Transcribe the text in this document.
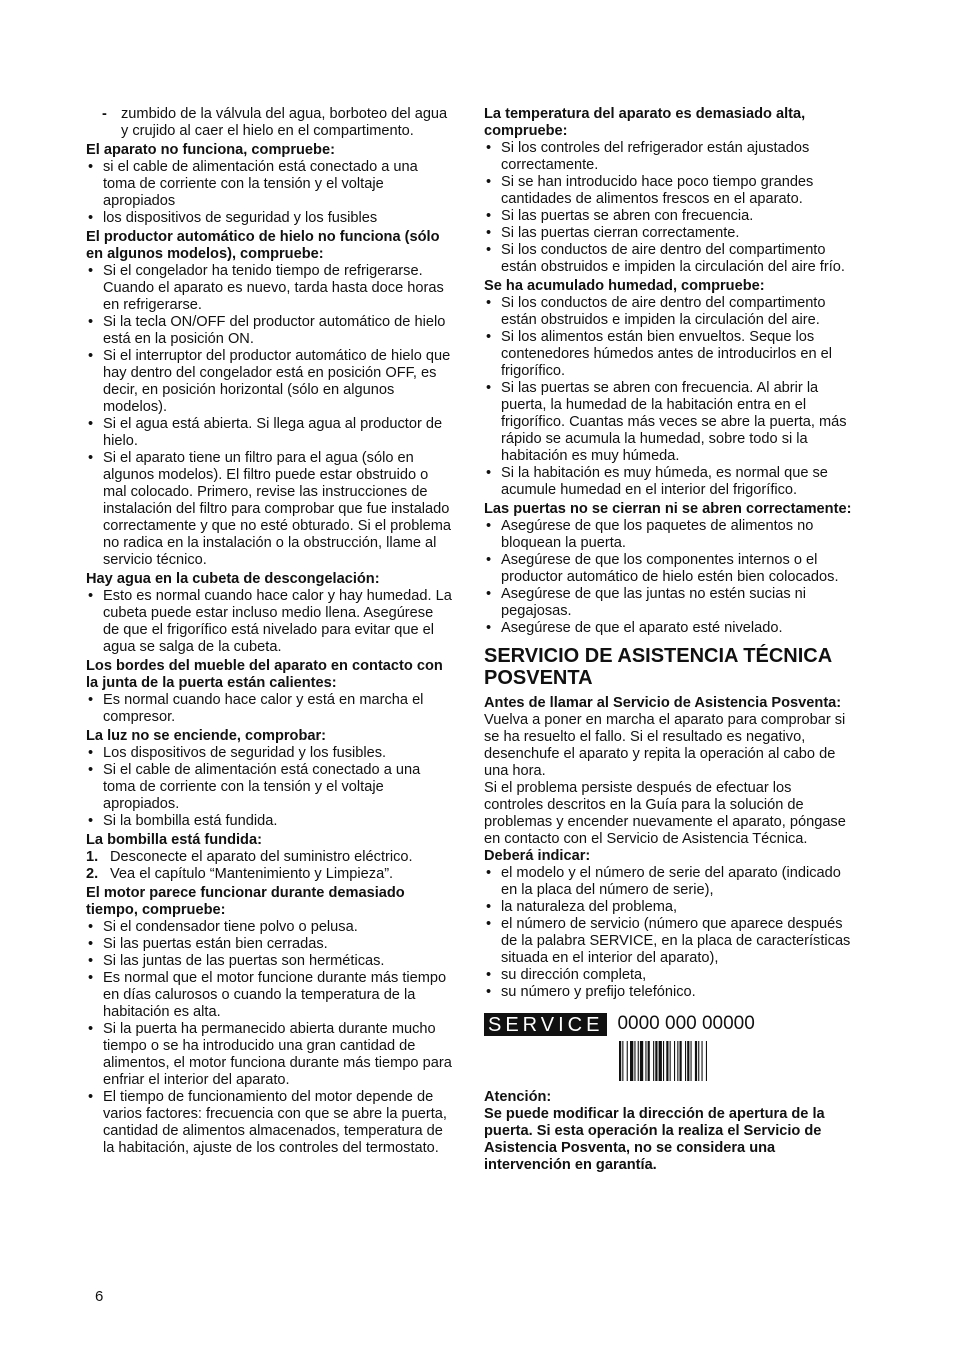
- zumbido de la válvula del agua, borboteo del agua y crujido al caer el hielo en el compartimento.

El aparato no funciona, compruebe:

• si el cable de alimentación está conectado a una toma de corriente con la tensión y el voltaje apropiados
• los dispositivos de seguridad y los fusibles

El productor automático de hielo no funciona (sólo en algunos modelos), compruebe:

• Si el congelador ha tenido tiempo de refrigerarse. Cuando el aparato es nuevo, tarda hasta doce horas en refrigerarse.
• Si la tecla ON/OFF del productor automático de hielo está en la posición ON.
• Si el interruptor del productor automático de hielo que hay dentro del congelador está en posición OFF, es decir, en posición horizontal (sólo en algunos modelos).
• Si el agua está abierta. Si llega agua al productor de hielo.
• Si el aparato tiene un filtro para el agua (sólo en algunos modelos). El filtro puede estar obstruido o mal colocado. Primero, revise las instrucciones de instalación del filtro para comprobar que fue instalado correctamente y que no esté obturado. Si el problema no radica en la instalación o la obstrucción, llame al servicio técnico.

Hay agua en la cubeta de descongelación:

• Esto es normal cuando hace calor y hay humedad. La cubeta puede estar incluso medio llena. Asegúrese de que el frigorífico está nivelado para evitar que el agua se salga de la cubeta.

Los bordes del mueble del aparato en contacto con la junta de la puerta están calientes:

• Es normal cuando hace calor y está en marcha el compresor.

La luz no se enciende, comprobar:

• Los dispositivos de seguridad y los fusibles.
• Si el cable de alimentación está conectado a una toma de corriente con la tensión y el voltaje apropiados.
• Si la bombilla está fundida.

La bombilla está fundida:

1. Desconecte el aparato del suministro eléctrico.
2. Vea el capítulo “Mantenimiento y Limpieza”.

El motor parece funcionar durante demasiado tiempo, compruebe:

• Si el condensador tiene polvo o pelusa.
• Si las puertas están bien cerradas.
• Si las juntas de las puertas son herméticas.
• Es normal que el motor funcione durante más tiempo en días calurosos o cuando la temperatura de la habitación es alta.
• Si la puerta ha permanecido abierta durante mucho tiempo o se ha introducido una gran cantidad de alimentos, el motor funciona durante más tiempo para enfriar el interior del aparato.
• El tiempo de funcionamiento del motor depende de varios factores: frecuencia con que se abre la puerta, cantidad de alimentos almacenados, temperatura de la habitación, ajuste de los controles del termostato.

La temperatura del aparato es demasiado alta, compruebe:

• Si los controles del refrigerador están ajustados correctamente.
• Si se han introducido hace poco tiempo grandes cantidades de alimentos frescos en el aparato.
• Si las puertas se abren con frecuencia.
• Si las puertas cierran correctamente.
• Si los conductos de aire dentro del compartimento están obstruidos e impiden la circulación del aire frío.

Se ha acumulado humedad, compruebe:

• Si los conductos de aire dentro del compartimento están obstruidos e impiden la circulación del aire.
• Si los alimentos están bien envueltos. Seque los contenedores húmedos antes de introducirlos en el frigorífico.
• Si las puertas se abren con frecuencia. Al abrir la puerta, la humedad de la habitación entra en el frigorífico. Cuantas más veces se abre la puerta, más rápido se acumula la humedad, sobre todo si la habitación es muy húmeda.
• Si la habitación es muy húmeda, es normal que se acumule humedad en el interior del frigorífico.

Las puertas no se cierran ni se abren correctamente:

• Asegúrese de que los paquetes de alimentos no bloquean la puerta.
• Asegúrese de que los componentes internos o el productor automático de hielo estén bien colocados.
• Asegúrese de que las juntas no estén sucias ni pegajosas.
• Asegúrese de que el aparato esté nivelado.
SERVICIO DE ASISTENCIA TÉCNICA POSVENTA

Antes de llamar al Servicio de Asistencia Posventa:

Vuelva a poner en marcha el aparato para comprobar si se ha resuelto el fallo. Si el resultado es negativo, desenchufe el aparato y repita la operación al cabo de una hora.

Si el problema persiste después de efectuar los controles descritos en la Guía para la solución de problemas y encender nuevamente el aparato, póngase en contacto con el Servicio de Asistencia Técnica.

Deberá indicar:

• el modelo y el número de serie del aparato (indicado en la placa del número de serie),
• la naturaleza del problema,
• el número de servicio (número que aparece después de la palabra SERVICE, en la placa de características situada en el interior del aparato),
• su dirección completa,
• su número y prefijo telefónico.
SERVICE 0000 000 00000

Atención:

Se puede modificar la dirección de apertura de la puerta. Si esta operación la realiza el Servicio de Asistencia Posventa, no se considera una intervención en garantía.

6
